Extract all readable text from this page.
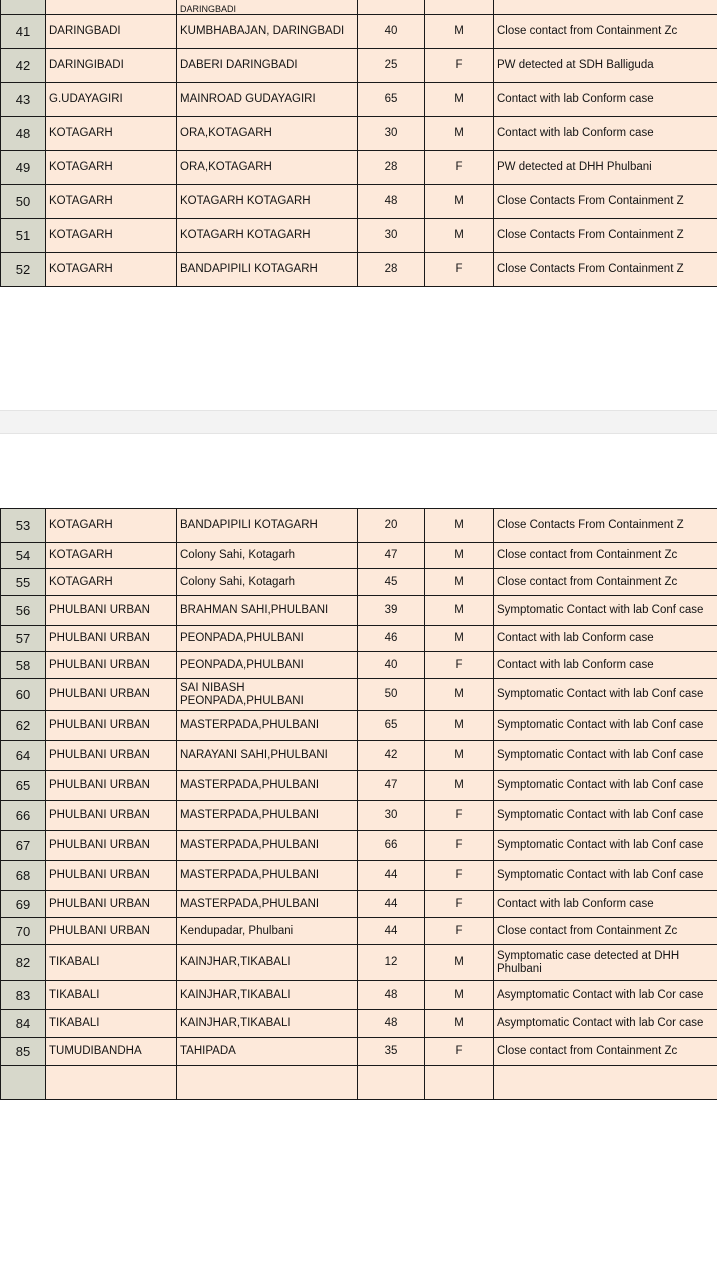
		DARINGBADI			
41	DARINGBADI	KUMBHABAJAN, DARINGBADI	40	M	Close contact from Containment Zc
42	DARINGIBADI	DABERI DARINGBADI	25	F	PW detected at SDH Balliguda
43	G.UDAYAGIRI	MAINROAD GUDAYAGIRI	65	M	Contact with lab Conform case
48	KOTAGARH	ORA,KOTAGARH	30	M	Contact with lab Conform case
49	KOTAGARH	ORA,KOTAGARH	28	F	PW detected at DHH Phulbani
50	KOTAGARH	KOTAGARH KOTAGARH	48	M	Close Contacts From Containment Z
51	KOTAGARH	KOTAGARH KOTAGARH	30	M	Close Contacts From Containment Z
52	KOTAGARH	BANDAPIPILI KOTAGARH	28	F	Close Contacts From Containment Z
53	KOTAGARH	BANDAPIPILI KOTAGARH	20	M	Close Contacts From Containment Z
54	KOTAGARH	Colony Sahi, Kotagarh	47	M	Close contact from Containment Zc
55	KOTAGARH	Colony Sahi, Kotagarh	45	M	Close contact from Containment Zc
56	PHULBANI URBAN	BRAHMAN SAHI,PHULBANI	39	M	Symptomatic Contact with lab Conf case
57	PHULBANI URBAN	PEONPADA,PHULBANI	46	M	Contact with lab Conform case
58	PHULBANI URBAN	PEONPADA,PHULBANI	40	F	Contact with lab Conform case
60	PHULBANI URBAN	SAI NIBASH PEONPADA,PHULBANI	50	M	Symptomatic Contact with lab Conf case
62	PHULBANI URBAN	MASTERPADA,PHULBANI	65	M	Symptomatic Contact with lab Conf case
64	PHULBANI URBAN	NARAYANI SAHI,PHULBANI	42	M	Symptomatic Contact with lab Conf case
65	PHULBANI URBAN	MASTERPADA,PHULBANI	47	M	Symptomatic Contact with lab Conf case
66	PHULBANI URBAN	MASTERPADA,PHULBANI	30	F	Symptomatic Contact with lab Conf case
67	PHULBANI URBAN	MASTERPADA,PHULBANI	66	F	Symptomatic Contact with lab Conf case
68	PHULBANI URBAN	MASTERPADA,PHULBANI	44	F	Symptomatic Contact with lab Conf case
69	PHULBANI URBAN	MASTERPADA,PHULBANI	44	F	Contact with lab Conform case
70	PHULBANI URBAN	Kendupadar, Phulbani	44	F	Close contact from Containment Zc
82	TIKABALI	KAINJHAR,TIKABALI	12	M	Symptomatic case detected at DHH Phulbani
83	TIKABALI	KAINJHAR,TIKABALI	48	M	Asymptomatic Contact with lab Cor case
84	TIKABALI	KAINJHAR,TIKABALI	48	M	Asymptomatic Contact with lab Cor case
85	TUMUDIBANDHA	TAHIPADA	35	F	Close contact from Containment Zc
